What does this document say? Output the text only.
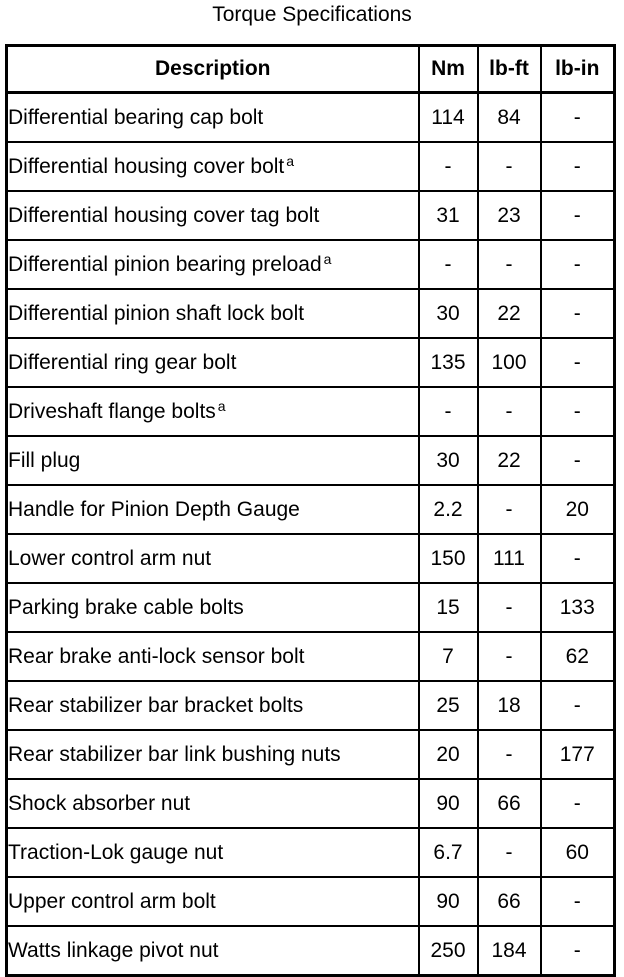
Torque Specifications
Description	Nm	lb-ft	lb-in
Differential bearing cap bolt	114	84	-
Differential housing cover bolt $^a$	-	-	-
Differential housing cover tag bolt	31	23	-
Differential pinion bearing preload $^a$	-	-	-
Differential pinion shaft lock bolt	30	22	-
Differential ring gear bolt	135	100	-
Driveshaft flange bolts $^a$	-	-	-
Fill plug	30	22	-
Handle for Pinion Depth Gauge	2.2	-	20
Lower control arm nut	150	111	-
Parking brake cable bolts	15	-	133
Rear brake anti-lock sensor bolt	7	-	62
Rear stabilizer bar bracket bolts	25	18	-
Rear stabilizer bar link bushing nuts	20	-	177
Shock absorber nut	90	66	-
Traction-Lok gauge nut	6.7	-	60
Upper control arm bolt	90	66	-
Watts linkage pivot nut	250	184	-
